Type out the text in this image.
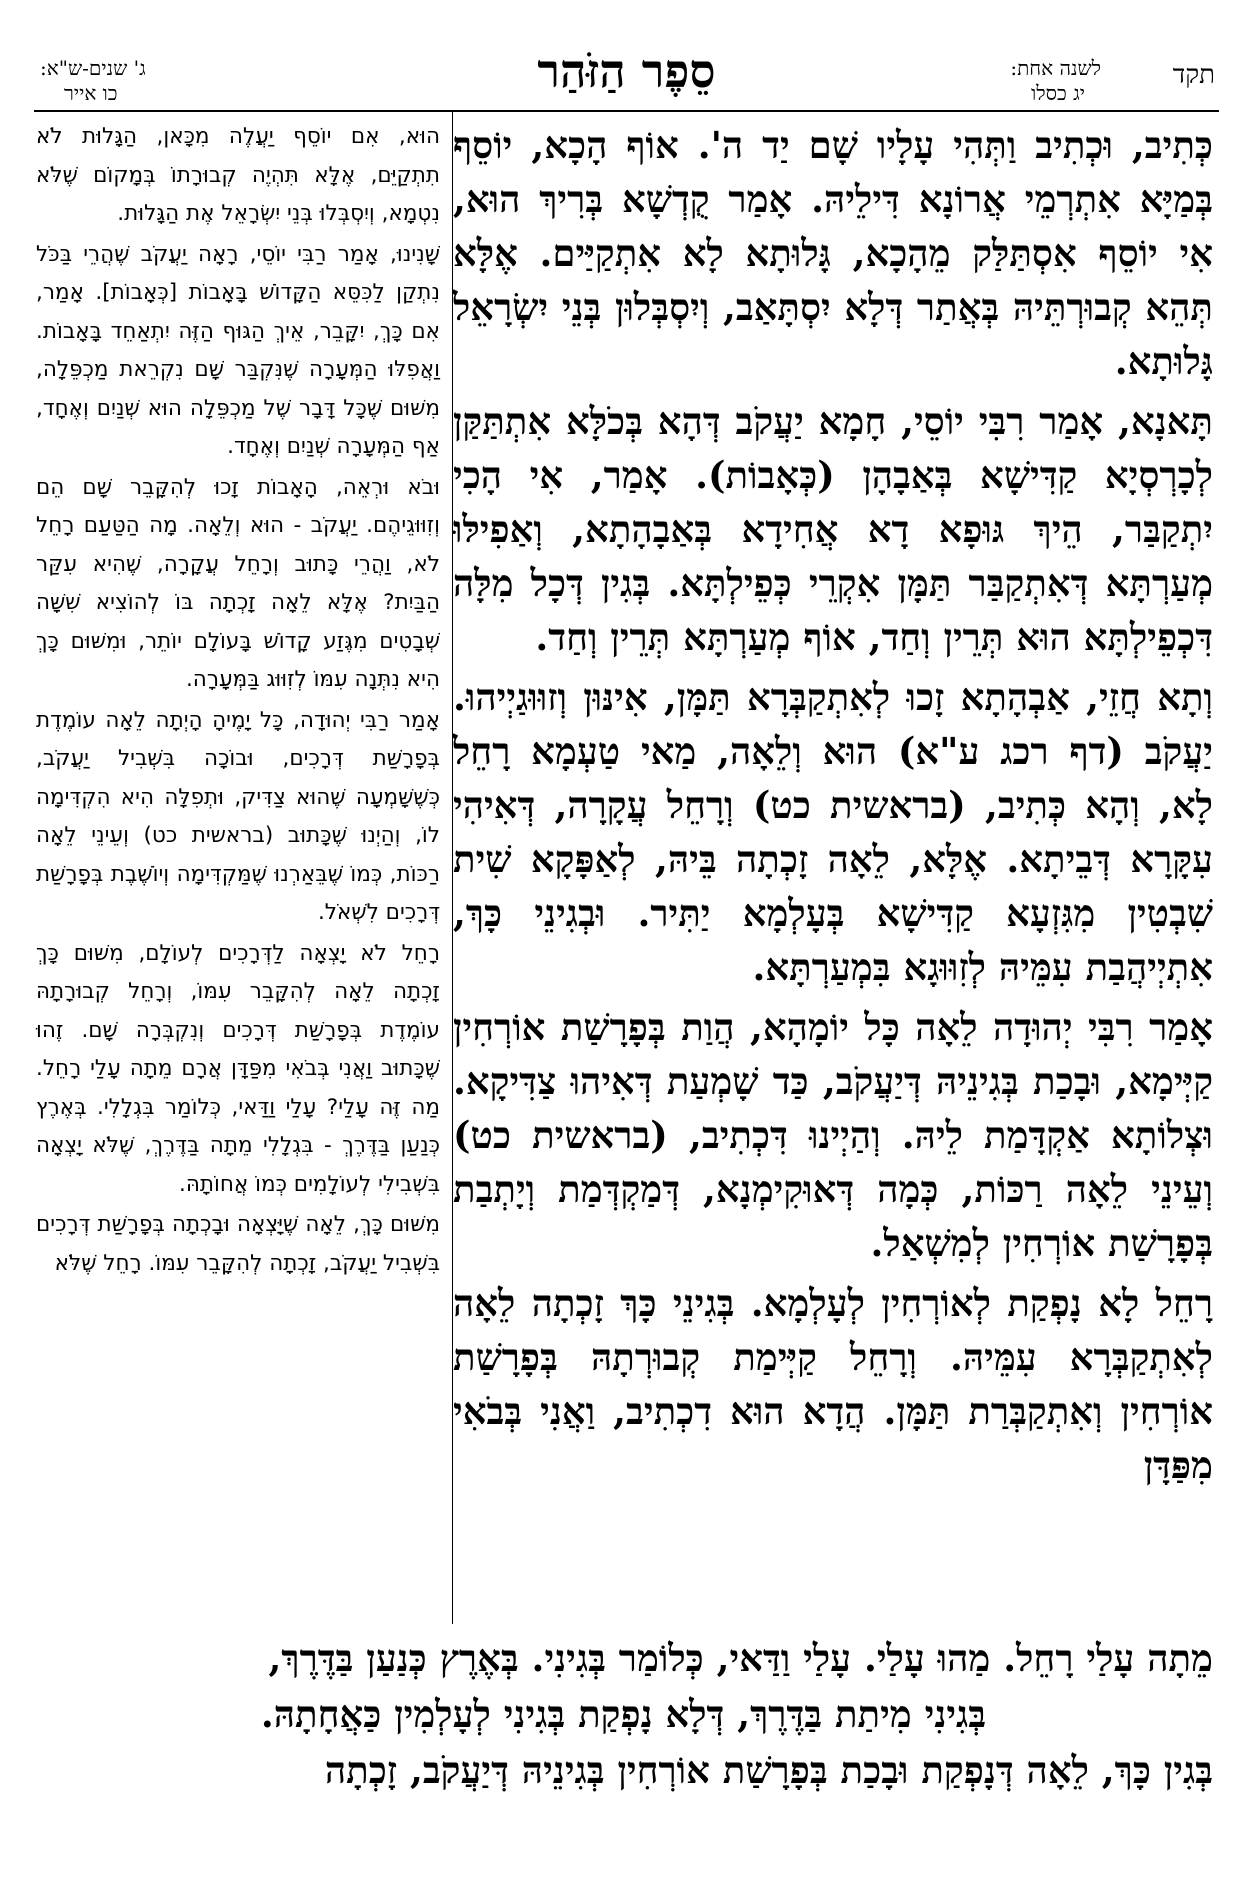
תקד
לשנה אחת:
יג כסלו
סֵפֶר הַזֹּהַר
ג' שנים-ש"א:
כו אייר

כְּתִיב, וּכְתִיב וַתְּהִי עָלָיו שָׁם יַד ה'. אוֹף הָכָא, יוֹסֵף בְּמַיָּא אִתְרְמֵי אֲרוֹנָא דִּילֵיהּ. אָמַר קֻדְשָׁא בְּרִיךְ הוּא, אִי יוֹסֵף אִסְתַּלַּק מֵהָכָא, גָּלוּתָא לָא אִתְקַיַּים. אֶלָּא תְּהֵא קְבוּרְתֵּיהּ בְּאֲתַר דְּלָא יִסְתָּאַב, וְיִסְבְּלוּן בְּנֵי יִשְׂרָאֵל גָּלוּתָא.

תָּאנָא, אָמַר רִבִּי יוֹסֵי, חָמָא יַעֲקֹב דְּהָא בְּכֹלָּא אִתְתַּקַּן לְכָרְסְיָא קַדִּישָׁא בְּאַבָהָן (כְּאָבוֹת). אָמַר, אִי הָכִי יִתְקַבַּר, הֵיךְ גּוּפָא דָא אֲחִידָא בְּאַבָהָתָא, וְאַפִילּוּ מְעַרְתָּא דְּאִתְקַבַּר תַּמָּן אִקְרֵי כְּפֵילְתָּא. בְּגִין דְּכָל מִלָּה דִּכְפֵילְתָּא הוּא תְּרֵין וְחַד, אוֹף מְעַרְתָּא תְּרֵין וְחַד.

וְתָא חֲזֵי, אַבְהָתָא זָכוּ לְאִתְקַבְּרָא תַּמָּן, אִינּוּן וְזוּוּגַיְיהוּ. יַעֲקֹב (דף רכג ע"א) הוּא וְלֵאָה, מַאי טַעְמָא רָחֵל לָא, וְהָא כְּתִיב, (בראשית כט) וְרָחֵל עֲקָרָה, דְּאִיהִי עִקָּרָא דְּבֵיתָא. אֶלָּא, לֵאָה זָכְתָה בֵּיהּ, לְאַפָּקָא שִׁית שִׁבְטִין מִגִּזְעָא קַדִּישָׁא בְּעָלְמָא יַתִּיר. וּבְגִינֵי כָּךְ, אִתְיְיהֲבַת עִמֵּיהּ לְזִוּוּגָא בִּמְעַרְתָּא.

אָמַר רִבִּי יְהוּדָה לֵאָה כָּל יוֹמָהָא, הֲוַת בְּפָרָשַׁת אוֹרְחִין קַיְּימָא, וּבָכַת בְּגִינֵיהּ דְּיַעֲקֹב, כַּד שָׁמְעַת דְּאִיהוּ צַדִּיקָא. וּצְלוֹתָא אַקְדָּמַת לֵיהּ. וְהַיְינוּ דִּכְתִיב, (בראשית כט) וְעֵינֵי לֵאָה רַכּוֹת, כְּמָה דְּאוּקִימְנָא, דְּמַקְדְּמַת וְיָתְבַת בְּפָרָשַׁת אוֹרְחִין לְמִשְׁאַל.

רָחֵל לָא נָפְקַת לְאוֹרְחִין לְעָלְמָא. בְּגִינֵי כָּךְ זָכְתָה לֵאָה לְאִתְקַבְּרָא עִמֵּיהּ. וְרָחֵל קַיְּימַת קְבוּרְתָהּ בְּפָרָשַׁת אוֹרְחִין וְאִתְקַבְּרַת תַּמָּן. הֲדָא הוּא דִכְתִיב, וַאֲנִי בְּבֹאִי מִפַּדָּן

הוּא, אִם יוֹסֵף יַעֲלֶה מִכָּאן, הַגָּלוּת לֹא תִתְקַיֵּם, אֶלָּא תִּהְיֶה קְבוּרָתוֹ בְּמָקוֹם שֶׁלֹּא נִטְמָא, וְיִסְבְּלוּ בְּנֵי יִשְׂרָאֵל אֶת הַגָּלוּת.

שָׁנִינוּ, אָמַר רַבִּי יוֹסֵי, רָאָה יַעֲקֹב שֶׁהֲרֵי בַּכֹּל נִתְקַן לַכִּסֵּא הַקָּדוֹשׁ בָּאָבוֹת [כְּאָבוֹת]. אָמַר, אִם כָּךְ, יִקָּבֵר, אֵיךְ הַגּוּף הַזֶּה יִתְאַחֵד בָּאָבוֹת. וַאֲפִלּוּ הַמְּעָרָה שֶׁנִּקְבַּר שָׁם נִקְרֵאת מַכְפֵּלָה, מִשּׁוּם שֶׁכָּל דָּבָר שֶׁל מַכְפֵּלָה הוּא שְׁנַיִם וְאֶחָד, אַף הַמְּעָרָה שְׁנַיִם וְאֶחָד.

וּבֹא וּרְאֵה, הָאָבוֹת זָכוּ לְהִקָּבֵר שָׁם הֵם וְזִוּוּגֵיהֶם. יַעֲקֹב - הוּא וְלֵאָה. מָה הַטַּעַם רָחֵל לֹא, וַהֲרֵי כָּתוּב וְרָחֵל עֲקָרָה, שֶׁהִיא עִקַּר הַבַּיִת? אֶלָּא לֵאָה זָכְתָה בּוֹ לְהוֹצִיא שִׁשָּׁה שְׁבָטִים מִגֶּזַע קָדוֹשׁ בָּעוֹלָם יוֹתֵר, וּמִשּׁוּם כָּךְ הִיא נִתְּנָה עִמּוֹ לְזִוּוּג בַּמְּעָרָה.

אָמַר רַבִּי יְהוּדָה, כָּל יָמֶיהָ הָיְתָה לֵאָה עוֹמֶדֶת בְּפָרָשַׁת דְּרָכִים, וּבוֹכָה בִּשְׁבִיל יַעֲקֹב, כְּשֶׁשָּׁמְעָה שֶׁהוּא צַדִּיק, וּתְפִלָּה הִיא הִקְדִּימָה לוֹ, וְהַיְנוּ שֶׁכָּתוּב (בראשית כט) וְעֵינֵי לֵאָה רַכּוֹת, כְּמוֹ שֶׁבֵּאַרְנוּ שֶׁמַּקְדִּימָה וְיוֹשֶׁבֶת בְּפָרָשַׁת דְּרָכִים לִשְׁאֹל.

רָחֵל לֹא יָצְאָה לַדְּרָכִים לְעוֹלָם, מִשּׁוּם כָּךְ זָכְתָה לֵאָה לְהִקָּבֵר עִמּוֹ, וְרָחֵל קְבוּרָתָהּ עוֹמֶדֶת בְּפָרָשַׁת דְּרָכִים וְנִקְבְּרָה שָׁם. זֶהוּ שֶׁכָּתוּב וַאֲנִי בְּבֹאִי מִפַּדָּן אֲרָם מֵתָה עָלַי רָחֵל. מַה זֶּה עָלַי? עָלַי וַדַּאי, כְּלוֹמַר בִּגְלָלִי. בְּאֶרֶץ כְּנַעַן בַּדֶּרֶךְ - בִּגְלָלִי מֵתָה בַּדֶּרֶךְ, שֶׁלֹּא יָצְאָה בִּשְׁבִילִי לְעוֹלָמִים כְּמוֹ אֲחוֹתָהּ.

מִשּׁוּם כָּךְ, לֵאָה שֶׁיָּצְאָה וּבָכְתָה בְּפָרָשַׁת דְּרָכִים בִּשְׁבִיל יַעֲקֹב, זָכְתָה לְהִקָּבֵר עִמּוֹ. רָחֵל שֶׁלֹּא

מֵתָה עָלַי רָחֵל. מַהוּ עָלַי. עָלַי וַדַּאי, כְּלוֹמַר בְּגִינִי. בְּאֶרֶץ כְּנַעַן בַּדֶּרֶךְ,

בְּגִינִי מִיתַת בַּדֶּרֶךְ, דְּלָא נָפְקַת בְּגִינִי לְעָלְמִין כַּאֲחָתָהּ.

בְּגִין כָּךְ, לֵאָה דְּנָפְקַת וּבָכַת בְּפָרָשַׁת אוֹרְחִין בְּגִינֵיהּ דְּיַעֲקֹב, זָכְתָה
